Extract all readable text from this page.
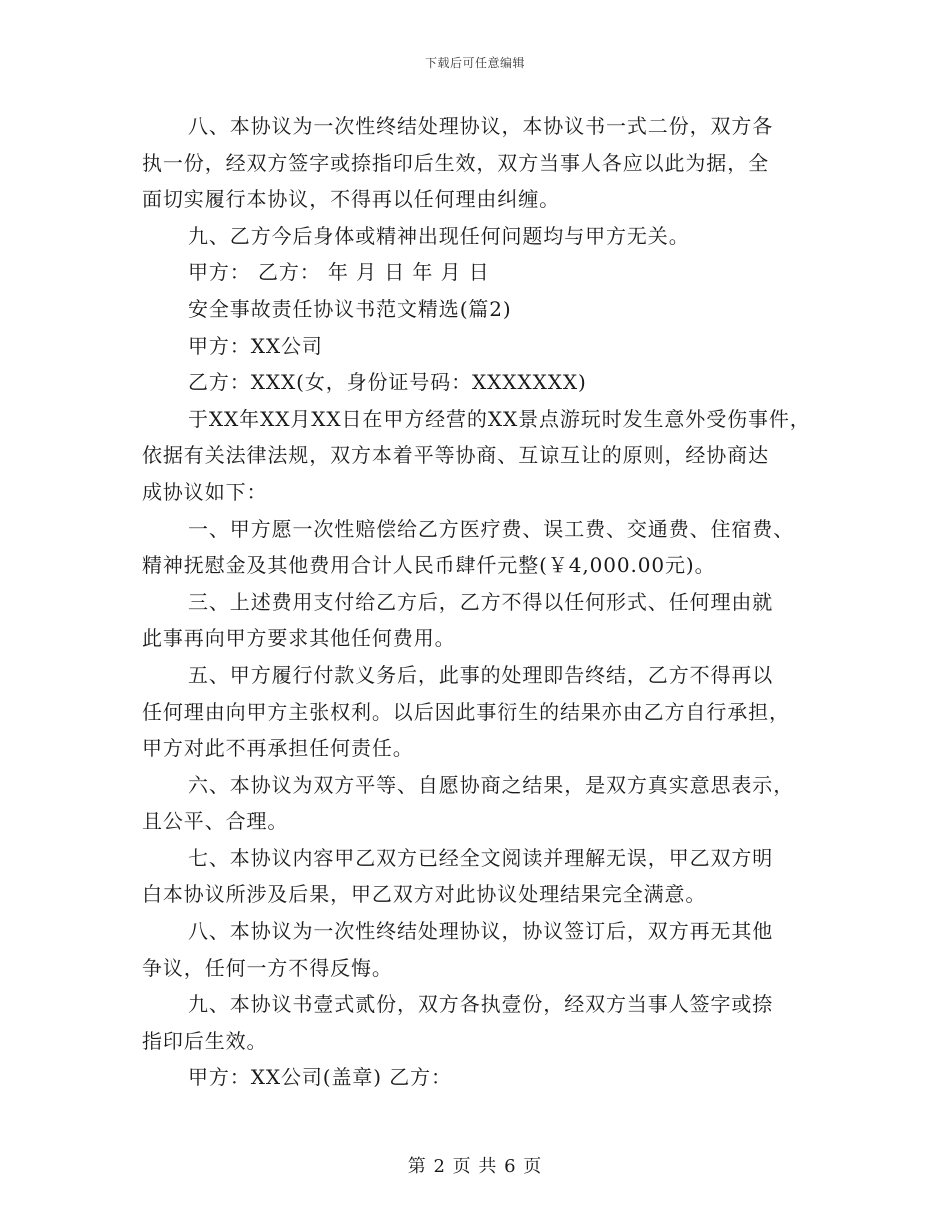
下载后可任意编辑
八、本协议为一次性终结处理协议，本协议书一式二份，双方各
执一份，经双方签字或捺指印后生效，双方当事人各应以此为据，全
面切实履行本协议，不得再以任何理由纠缠。
九、乙方今后身体或精神出现任何问题均与甲方无关。
甲方： 乙方： 年 月 日 年 月 日
安全事故责任协议书范文精选(篇2)
甲方：XX公司
乙方：XXX(女，身份证号码：XXXXXXX)
于XX年XX月XX日在甲方经营的XX景点游玩时发生意外受伤事件，
依据有关法律法规，双方本着平等协商、互谅互让的原则，经协商达
成协议如下：
一、甲方愿一次性赔偿给乙方医疗费、误工费、交通费、住宿费、
精神抚慰金及其他费用合计人民币肆仟元整(￥4,000.00元)。
三、上述费用支付给乙方后，乙方不得以任何形式、任何理由就
此事再向甲方要求其他任何费用。
五、甲方履行付款义务后，此事的处理即告终结，乙方不得再以
任何理由向甲方主张权利。以后因此事衍生的结果亦由乙方自行承担，
甲方对此不再承担任何责任。
六、本协议为双方平等、自愿协商之结果，是双方真实意思表示，
且公平、合理。
七、本协议内容甲乙双方已经全文阅读并理解无误，甲乙双方明
白本协议所涉及后果，甲乙双方对此协议处理结果完全满意。
八、本协议为一次性终结处理协议，协议签订后，双方再无其他
争议，任何一方不得反悔。
九、本协议书壹式贰份，双方各执壹份，经双方当事人签字或捺
指印后生效。
甲方：XX公司(盖章) 乙方：
第 2 页 共 6 页
